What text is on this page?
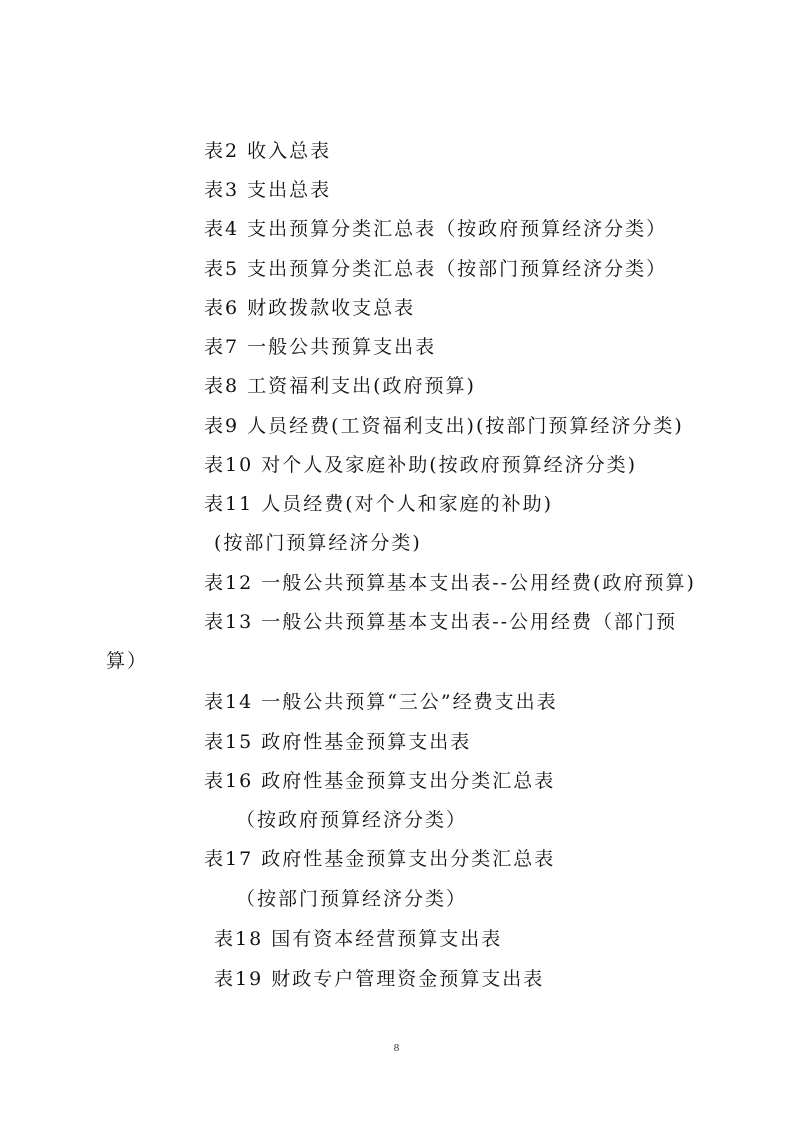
表2 收入总表
表3 支出总表
表4 支出预算分类汇总表（按政府预算经济分类）
表5 支出预算分类汇总表（按部门预算经济分类）
表6 财政拨款收支总表
表7 一般公共预算支出表
表8 工资福利支出(政府预算)
表9 人员经费(工资福利支出)(按部门预算经济分类)
表10 对个人及家庭补助(按政府预算经济分类)
表11 人员经费(对个人和家庭的补助)
(按部门预算经济分类)
表12 一般公共预算基本支出表--公用经费(政府预算)
表13 一般公共预算基本支出表--公用经费（部门预
算）
表14 一般公共预算“三公”经费支出表
表15 政府性基金预算支出表
表16 政府性基金预算支出分类汇总表
（按政府预算经济分类）
表17 政府性基金预算支出分类汇总表
（按部门预算经济分类）
表18 国有资本经营预算支出表
表19 财政专户管理资金预算支出表
8
